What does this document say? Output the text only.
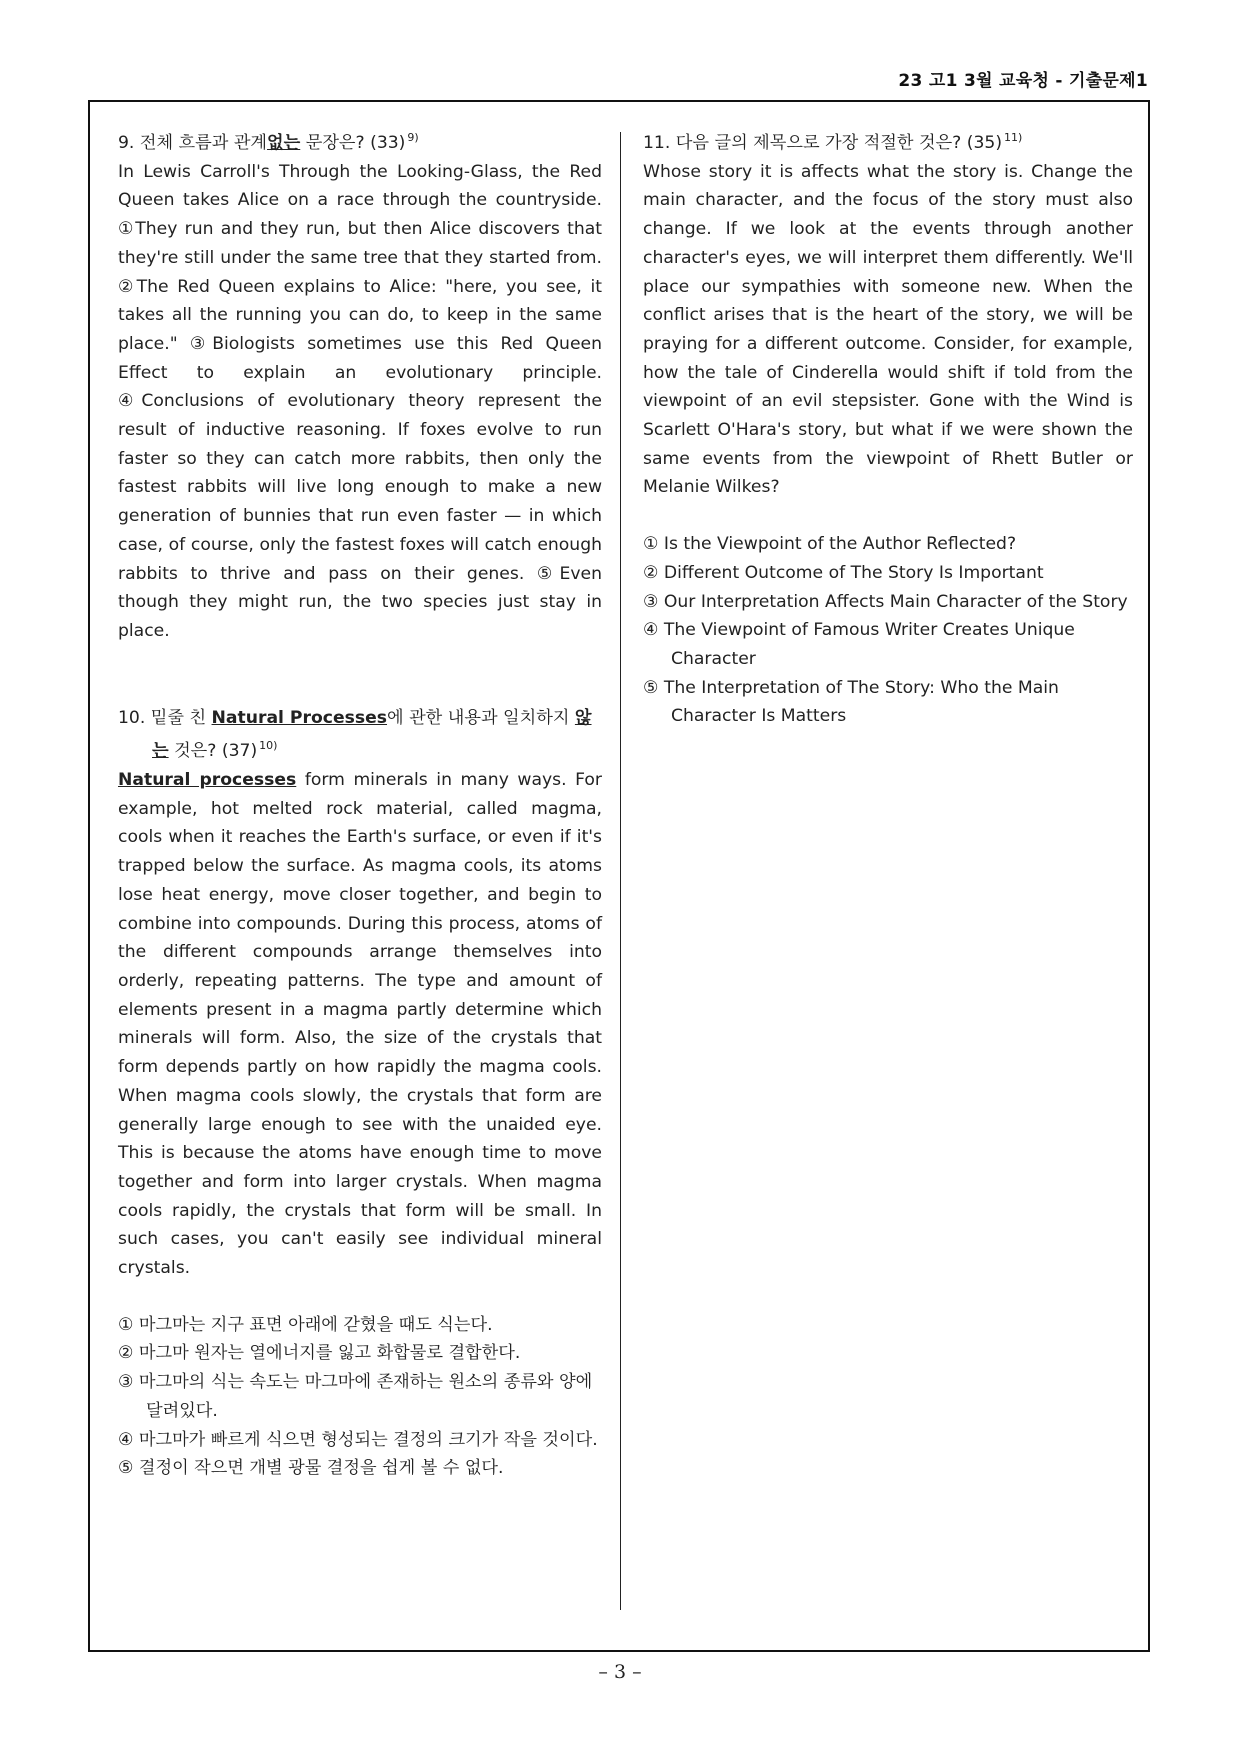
23 고1 3월 교육청 - 기출문제1

9. 전체 흐름과 관계없는 문장은? (33) $^{9)}$

In Lewis Carroll's Through the Looking-Glass, the Red Queen takes Alice on a race through the countryside. ①They run and they run, but then Alice discovers that they're still under the same tree that they started from. ②The Red Queen explains to Alice: "here, you see, it takes all the running you can do, to keep in the same place." ③Biologists sometimes use this Red Queen Effect to explain an evolutionary principle. ④Conclusions of evolutionary theory represent the result of inductive reasoning. If foxes evolve to run faster so they can catch more rabbits, then only the fastest rabbits will live long enough to make a new generation of bunnies that run even faster — in which case, of course, only the fastest foxes will catch enough rabbits to thrive and pass on their genes. ⑤Even though they might run, the two species just stay in place.

10. 밑줄 친 Natural Processes에 관한 내용과 일치하지 않는 것은? (37) $^{10)}$

Natural processes form minerals in many ways. For example, hot melted rock material, called magma, cools when it reaches the Earth's surface, or even if it's trapped below the surface. As magma cools, its atoms lose heat energy, move closer together, and begin to combine into compounds. During this process, atoms of the different compounds arrange themselves into orderly, repeating patterns. The type and amount of elements present in a magma partly determine which minerals will form. Also, the size of the crystals that form depends partly on how rapidly the magma cools. When magma cools slowly, the crystals that form are generally large enough to see with the unaided eye. This is because the atoms have enough time to move together and form into larger crystals. When magma cools rapidly, the crystals that form will be small. In such cases, you can't easily see individual mineral crystals.

① 마그마는 지구 표면 아래에 갇혔을 때도 식는다.

② 마그마 원자는 열에너지를 잃고 화합물로 결합한다.

③ 마그마의 식는 속도는 마그마에 존재하는 원소의 종류와 양에 달려있다.

④ 마그마가 빠르게 식으면 형성되는 결정의 크기가 작을 것이다.

⑤ 결정이 작으면 개별 광물 결정을 쉽게 볼 수 없다.

11. 다음 글의 제목으로 가장 적절한 것은? (35) $^{11)}$

Whose story it is affects what the story is. Change the main character, and the focus of the story must also change. If we look at the events through another character's eyes, we will interpret them differently. We'll place our sympathies with someone new. When the conflict arises that is the heart of the story, we will be praying for a different outcome. Consider, for example, how the tale of Cinderella would shift if told from the viewpoint of an evil stepsister. Gone with the Wind is Scarlett O'Hara's story, but what if we were shown the same events from the viewpoint of Rhett Butler or Melanie Wilkes?

① Is the Viewpoint of the Author Reflected?

② Different Outcome of The Story Is Important

③ Our Interpretation Affects Main Character of the Story

④ The Viewpoint of Famous Writer Creates Unique Character

⑤ The Interpretation of The Story: Who the Main Character Is Matters

– 3 –
